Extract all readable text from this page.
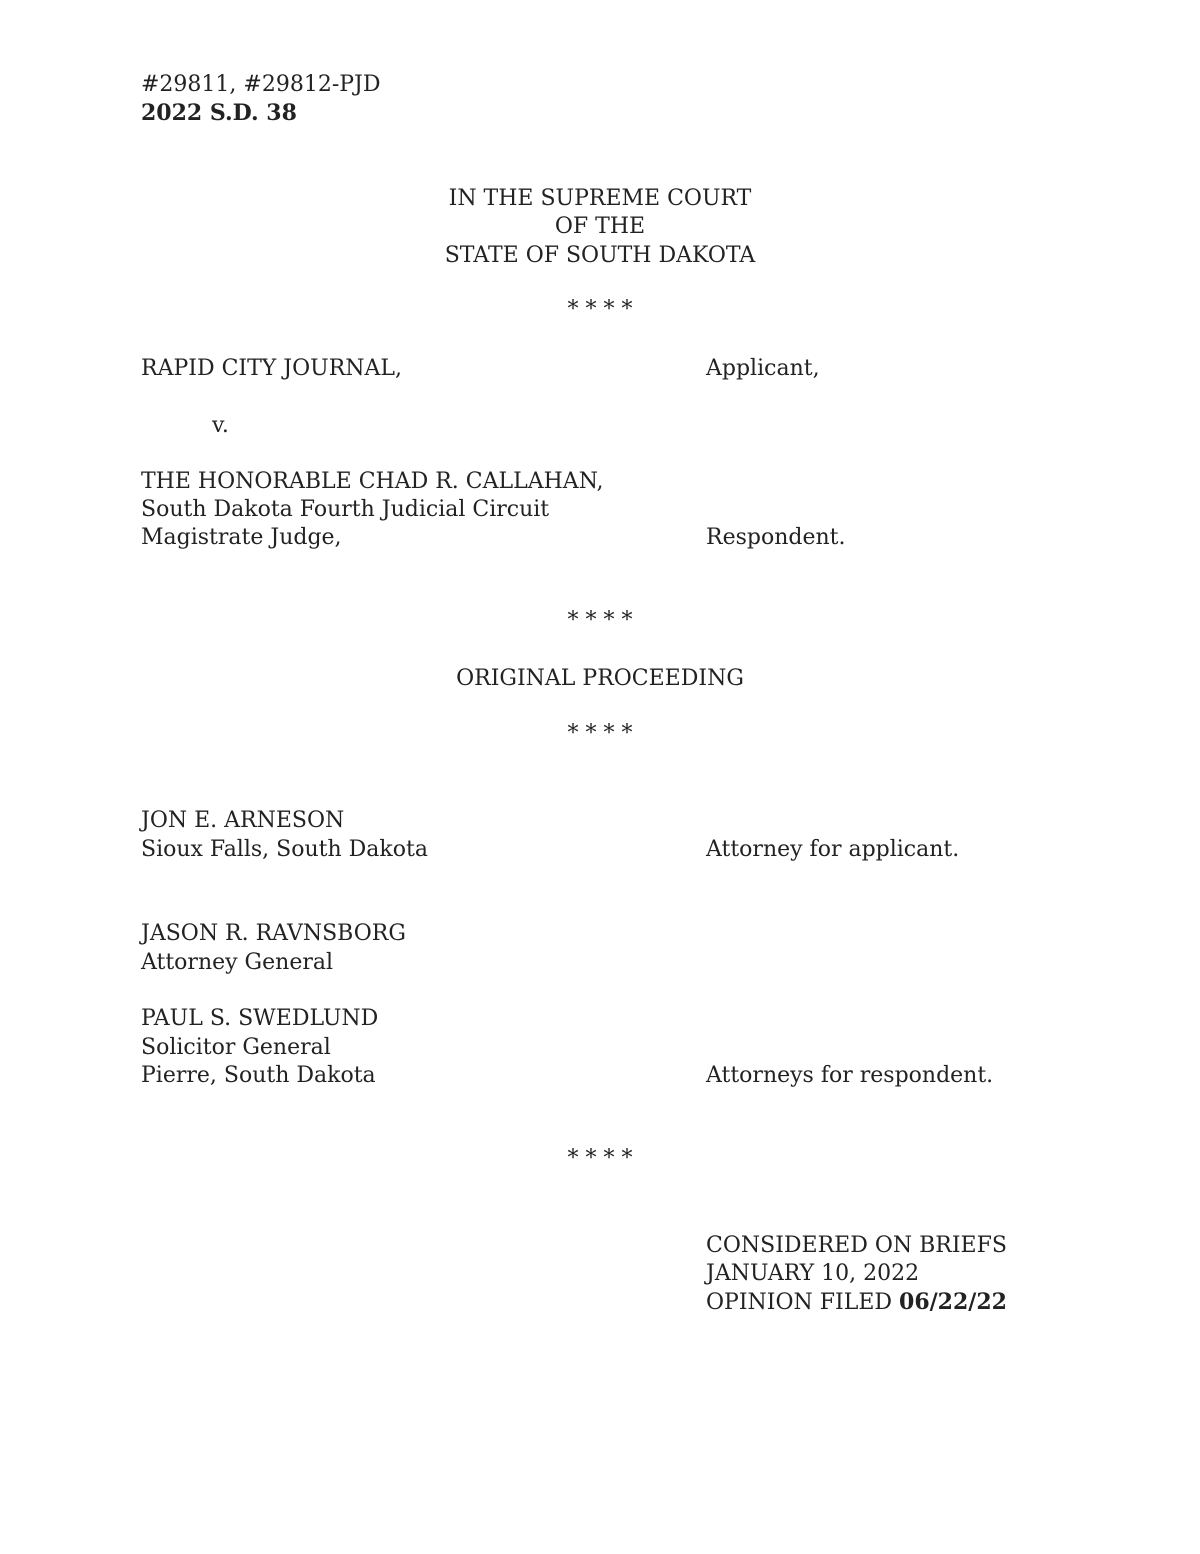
#29811, #29812-PJD
2022 S.D. 38
IN THE SUPREME COURT
OF THE
STATE OF SOUTH DAKOTA
* * * *
RAPID CITY JOURNAL,	Applicant,
v.
THE HONORABLE CHAD R. CALLAHAN,
South Dakota Fourth Judicial Circuit
Magistrate Judge,	Respondent.
* * * *
ORIGINAL PROCEEDING
* * * *
JON E. ARNESON
Sioux Falls, South Dakota	Attorney for applicant.
JASON R. RAVNSBORG
Attorney General
PAUL S. SWEDLUND
Solicitor General
Pierre, South Dakota	Attorneys for respondent.
* * * *
CONSIDERED ON BRIEFS
JANUARY 10, 2022
OPINION FILED 06/22/22
